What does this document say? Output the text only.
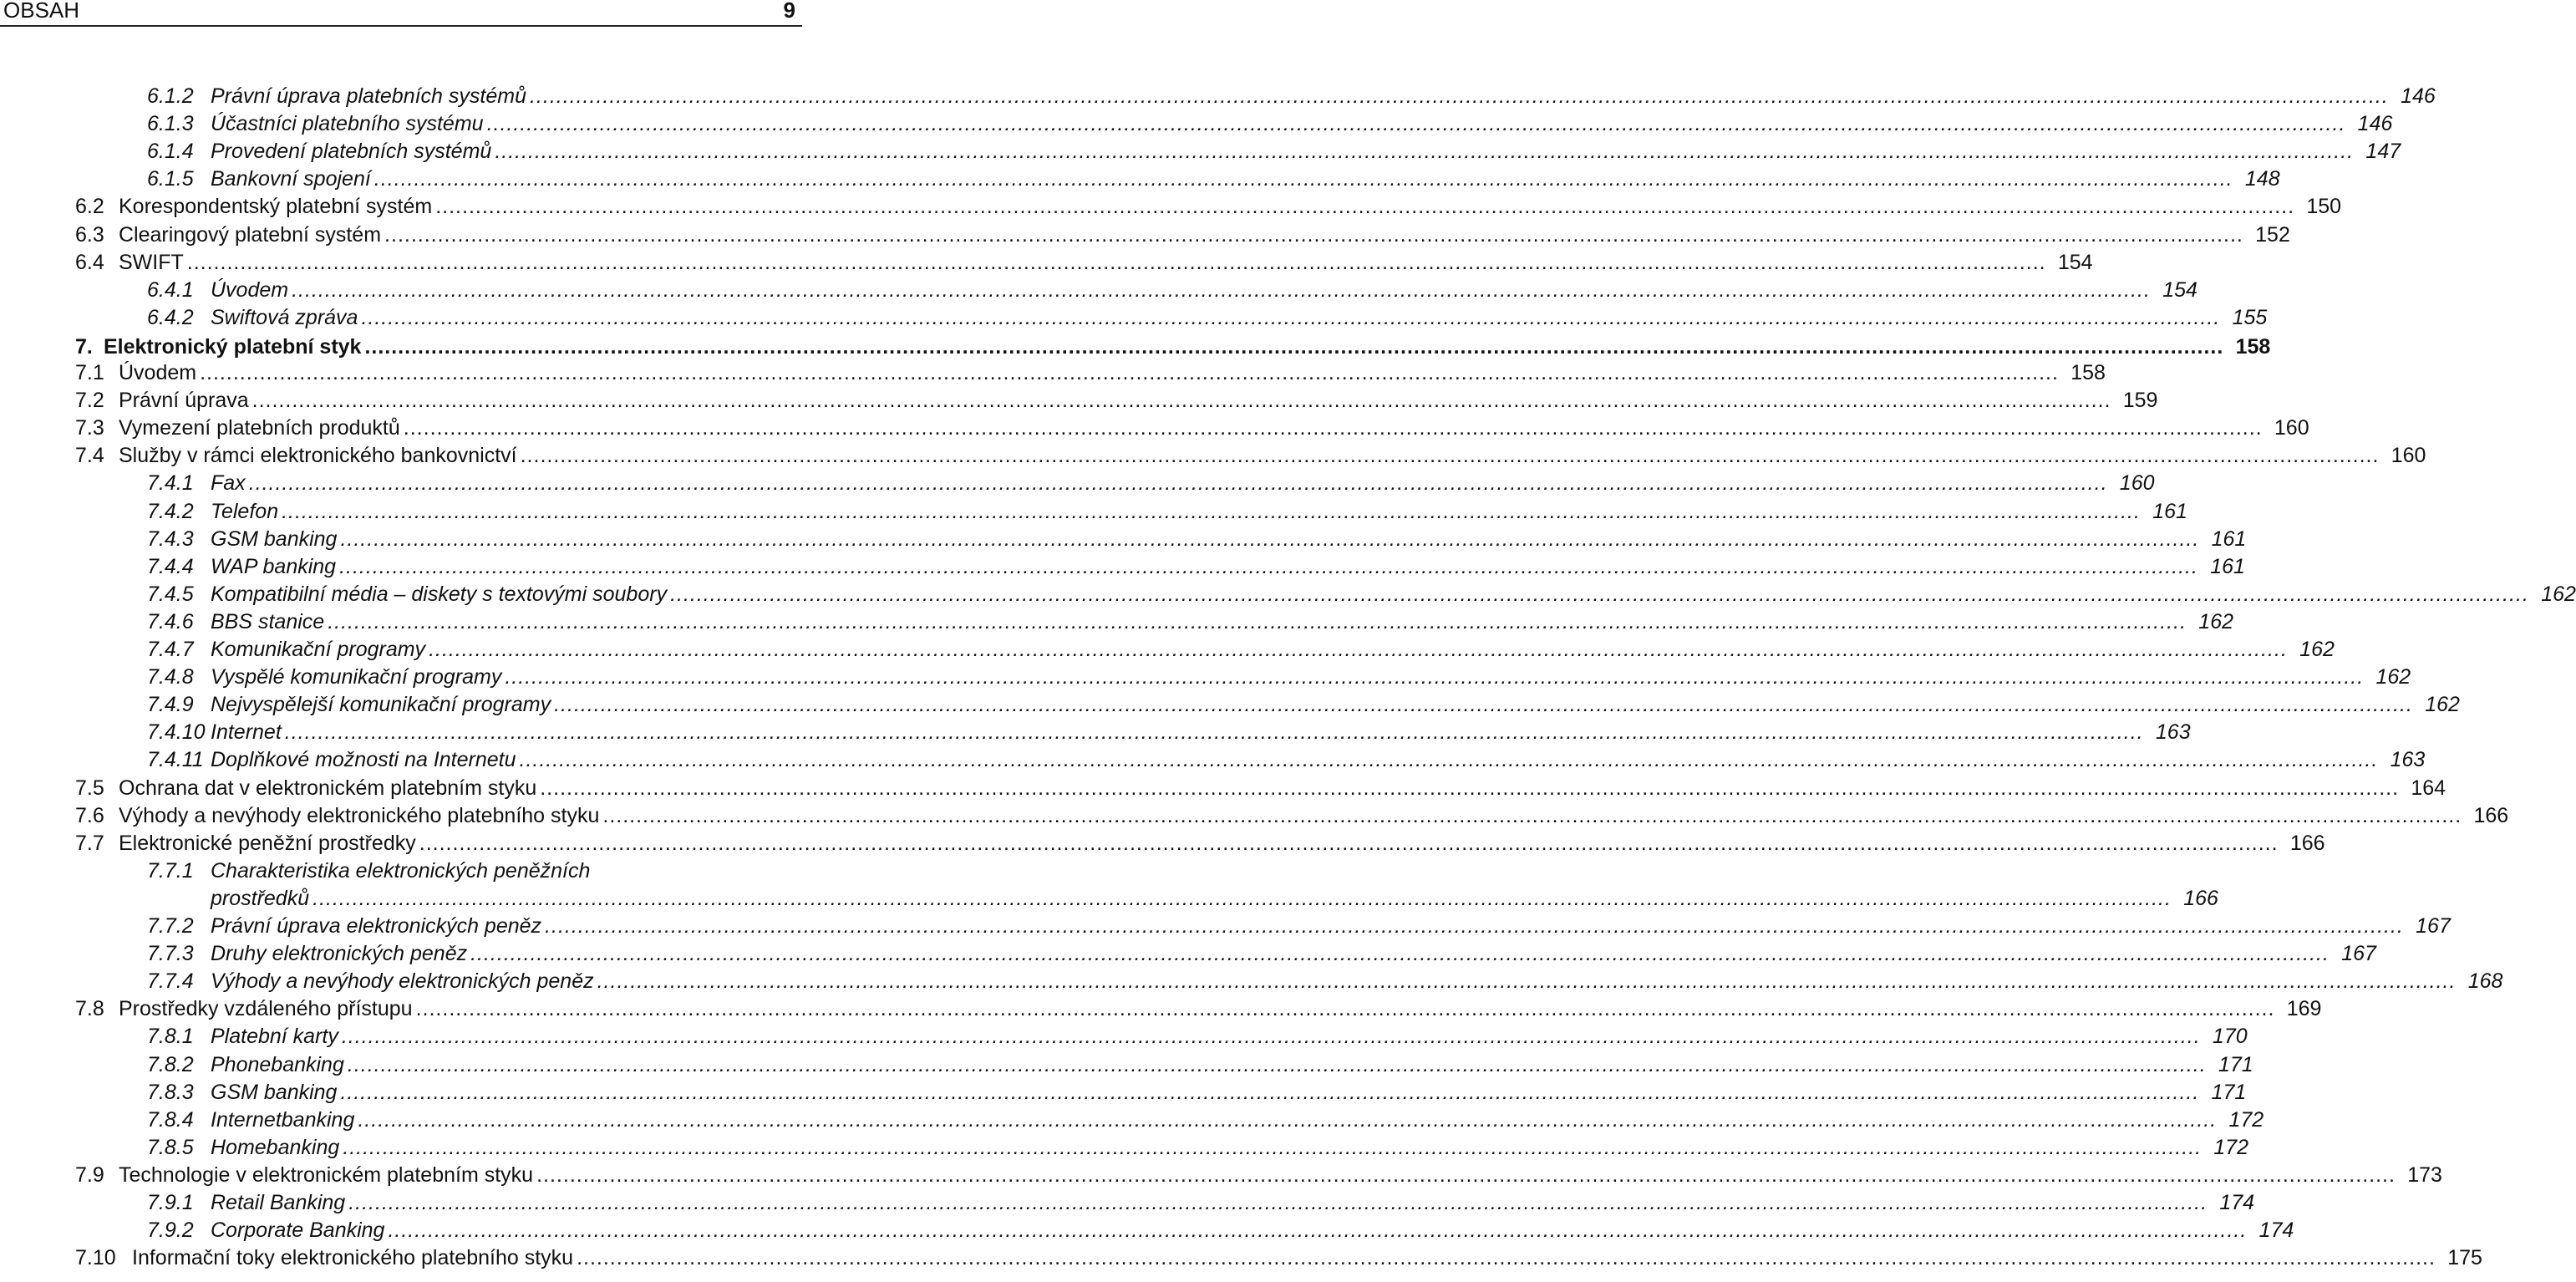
OBSAH	9
6.1.2 Právní úprava platebních systémů .....	146
6.1.3 Účastníci platebního systému .....	146
6.1.4 Provedení platebních systémů .....	147
6.1.5 Bankovní spojení .....	148
6.2 Korespondentský platební systém .....	150
6.3 Clearingový platební systém .....	152
6.4 SWIFT .....	154
6.4.1 Úvodem .....	154
6.4.2 Swiftová zpráva .....	155
7. Elektronický platební styk .....	158
7.1 Úvodem .....	158
7.2 Právní úprava .....	159
7.3 Vymezení platebních produktů .....	160
7.4 Služby v rámci elektronického bankovnictví .....	160
7.4.1 Fax .....	160
7.4.2 Telefon .....	161
7.4.3 GSM banking .....	161
7.4.4 WAP banking .....	161
7.4.5 Kompatibilní média – diskety s textovými soubory .....	162
7.4.6 BBS stanice .....	162
7.4.7 Komunikační programy .....	162
7.4.8 Vyspělé komunikační programy .....	162
7.4.9 Nejvyspělejší komunikační programy .....	162
7.4.10 Internet .....	163
7.4.11 Doplňkové možnosti na Internetu .....	163
7.5 Ochrana dat v elektronickém platebním styku .....	164
7.6 Výhody a nevýhody elektronického platebního styku .....	166
7.7 Elektronické peněžní prostředky .....	166
7.7.1 Charakteristika elektronických peněžních
prostředků .....	166
7.7.2 Právní úprava elektronických peněz .....	167
7.7.3 Druhy elektronických peněz .....	167
7.7.4 Výhody a nevýhody elektronických peněz .....	168
7.8 Prostředky vzdáleného přístupu .....	169
7.8.1 Platební karty .....	170
7.8.2 Phonebanking .....	171
7.8.3 GSM banking .....	171
7.8.4 Internetbanking .....	172
7.8.5 Homebanking .....	172
7.9 Technologie v elektronickém platebním styku .....	173
7.9.1 Retail Banking .....	174
7.9.2 Corporate Banking .....	174
7.10 Informační toky elektronického platebního styku .....	175
